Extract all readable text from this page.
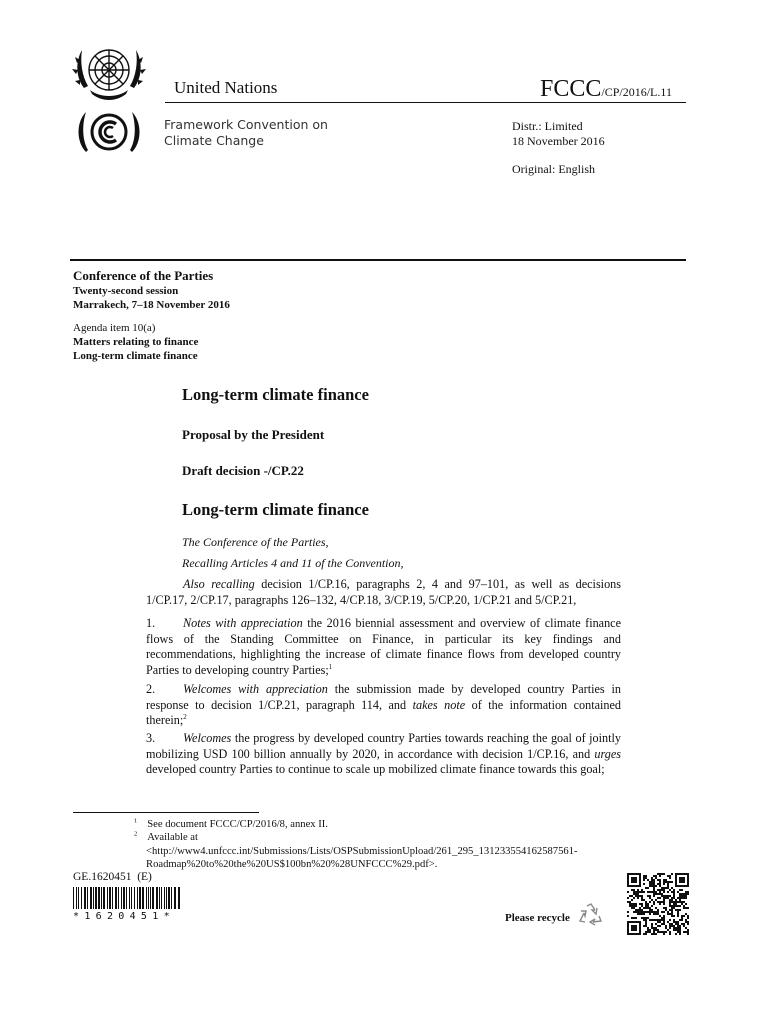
United Nations	FCCC/CP/2016/L.11
Framework Convention on
Climate Change
Distr.: Limited
18 November 2016
Original: English
Conference of the Parties
Twenty-second session
Marrakech, 7–18 November 2016
Agenda item 10(a)
Matters relating to finance
Long-term climate finance
Long-term climate finance
Proposal by the President
Draft decision -/CP.22
Long-term climate finance
The Conference of the Parties,
Recalling Articles 4 and 11 of the Convention,
Also recalling decision 1/CP.16, paragraphs 2, 4 and 97–101, as well as decisions 1/CP.17, 2/CP.17, paragraphs 126–132, 4/CP.18, 3/CP.19, 5/CP.20, 1/CP.21 and 5/CP.21,
1. Notes with appreciation the 2016 biennial assessment and overview of climate finance flows of the Standing Committee on Finance, in particular its key findings and recommendations, highlighting the increase of climate finance flows from developed country Parties to developing country Parties;$^1$
2. Welcomes with appreciation the submission made by developed country Parties in response to decision 1/CP.21, paragraph 114, and takes note of the information contained therein;$^2$
3. Welcomes the progress by developed country Parties towards reaching the goal of jointly mobilizing USD 100 billion annually by 2020, in accordance with decision 1/CP.16, and urges developed country Parties to continue to scale up mobilized climate finance towards this goal;
$^1$ See document FCCC/CP/2016/8, annex II.
$^2$ Available at
<http://www4.unfccc.int/Submissions/Lists/OSPSubmissionUpload/261_295_131233554162587561-
Roadmap%20to%20the%20US$100bn%20%28UNFCCC%29.pdf>.
GE.1620451  (E)
*1620451*	Please recycle
